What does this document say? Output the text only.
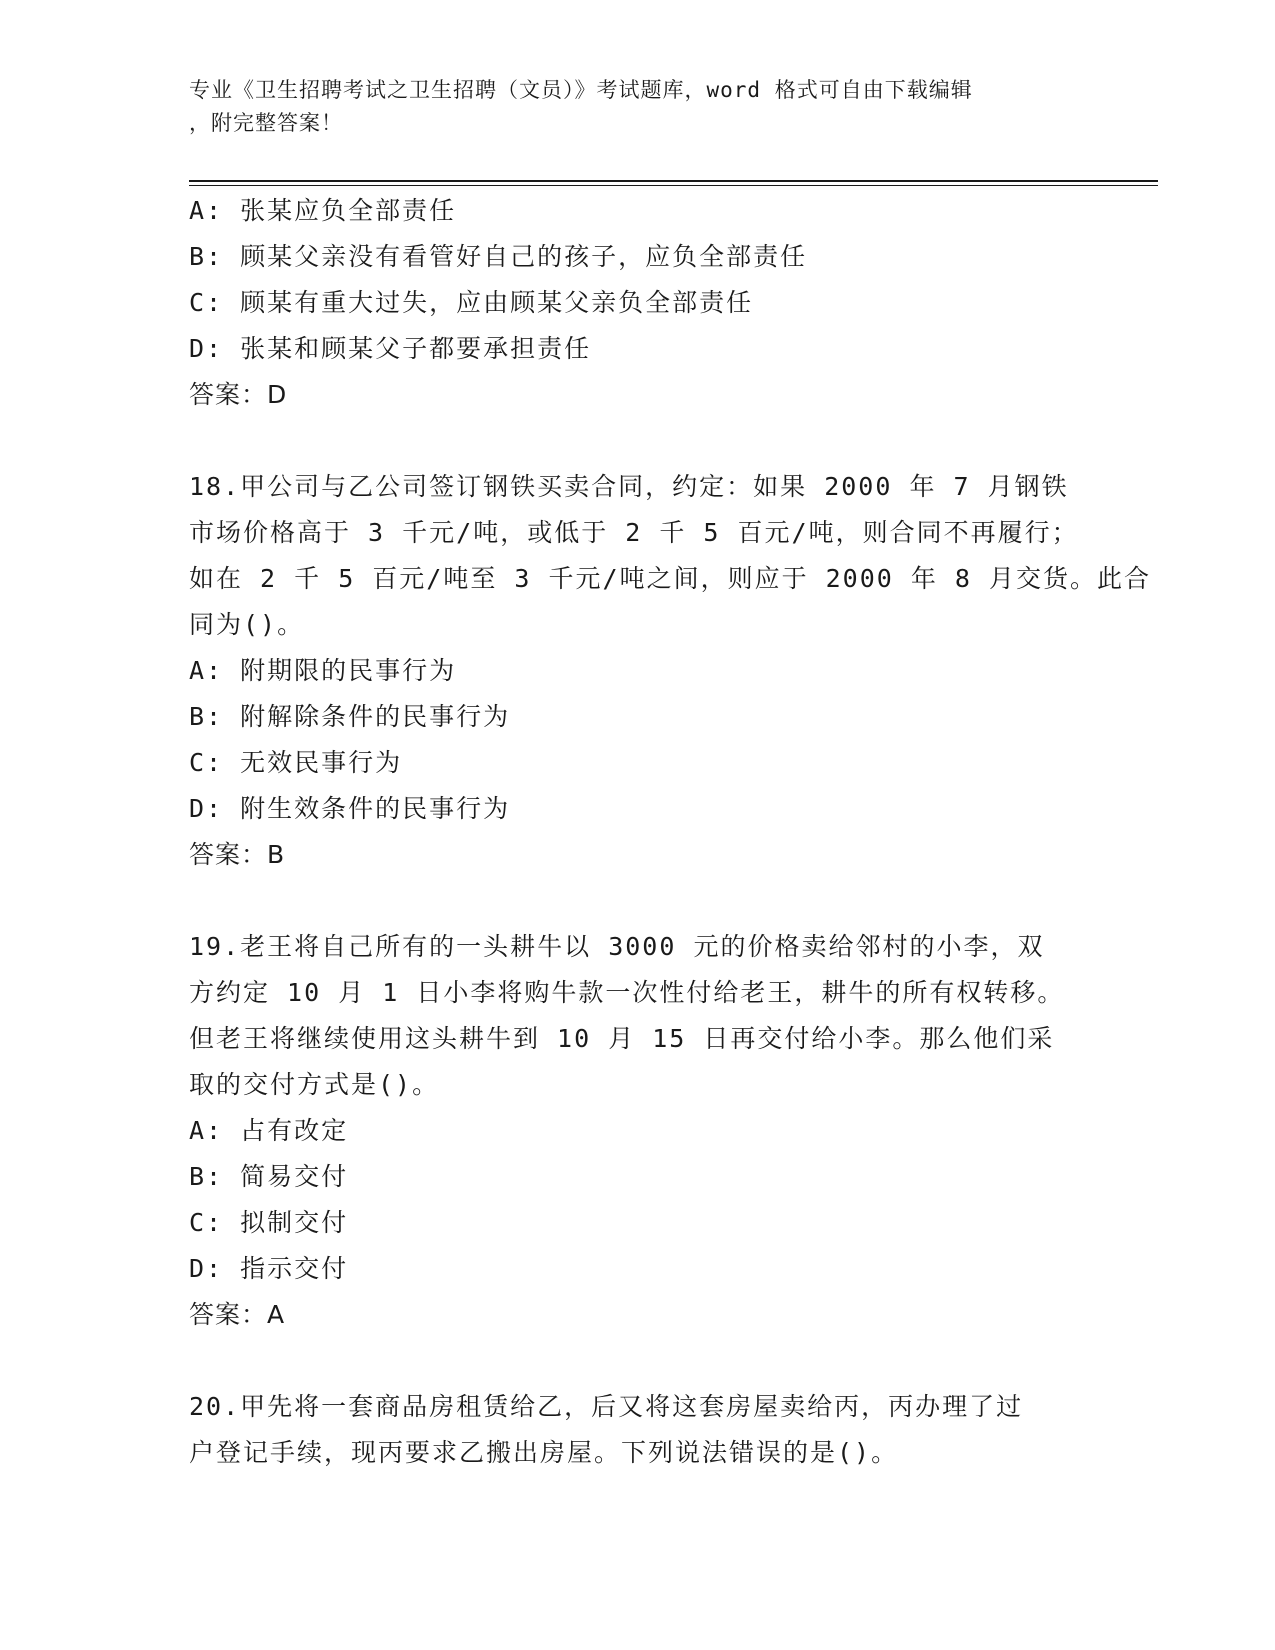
专业《卫生招聘考试之卫生招聘（文员）》考试题库，word 格式可自由下载编辑
，附完整答案！
A: 张某应负全部责任
B: 顾某父亲没有看管好自己的孩子，应负全部责任
C: 顾某有重大过失，应由顾某父亲负全部责任
D: 张某和顾某父子都要承担责任
答案：D
18.甲公司与乙公司签订钢铁买卖合同，约定：如果 2000 年 7 月钢铁
市场价格高于 3 千元/吨，或低于 2 千 5 百元/吨，则合同不再履行；
如在 2 千 5 百元/吨至 3 千元/吨之间，则应于 2000 年 8 月交货。此合
同为()。
A: 附期限的民事行为
B: 附解除条件的民事行为
C: 无效民事行为
D: 附生效条件的民事行为
答案：B
19.老王将自己所有的一头耕牛以 3000 元的价格卖给邻村的小李，双
方约定 10 月 1 日小李将购牛款一次性付给老王，耕牛的所有权转移。
但老王将继续使用这头耕牛到 10 月 15 日再交付给小李。那么他们采
取的交付方式是()。
A: 占有改定
B: 简易交付
C: 拟制交付
D: 指示交付
答案：A
20.甲先将一套商品房租赁给乙，后又将这套房屋卖给丙，丙办理了过
户登记手续，现丙要求乙搬出房屋。下列说法错误的是()。
